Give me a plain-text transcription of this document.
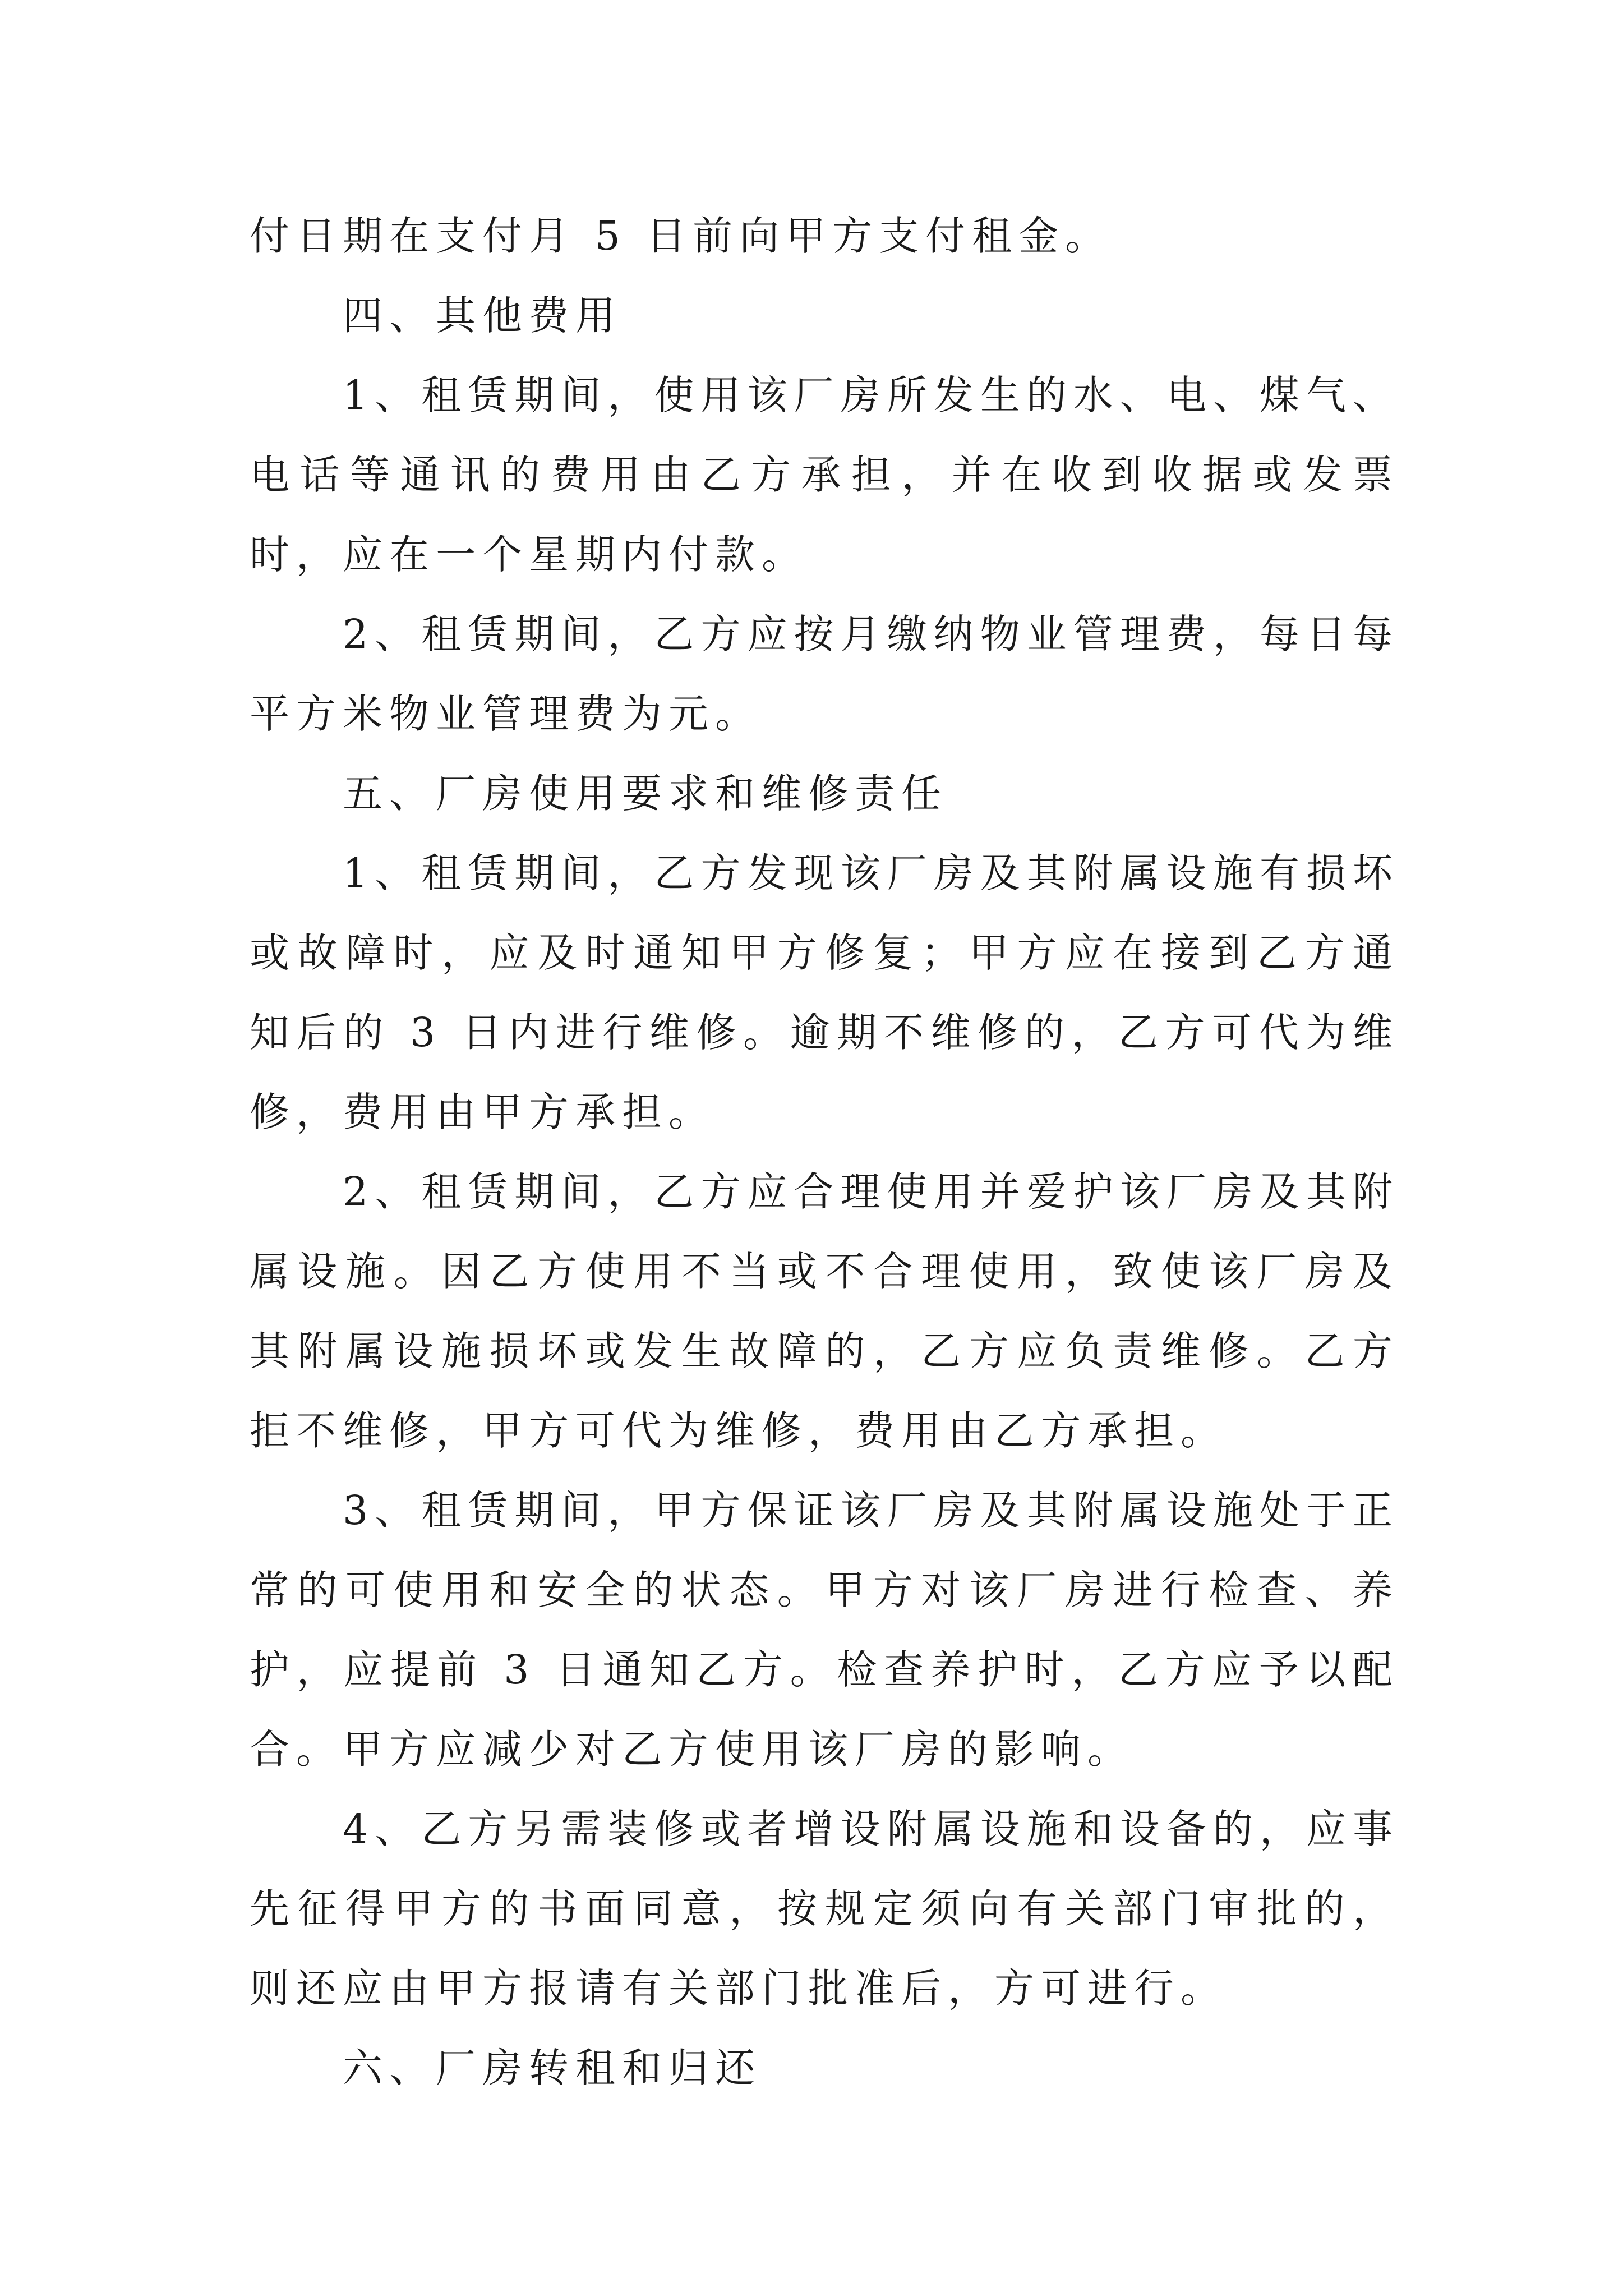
付日期在支付月 5 日前向甲方支付租金。

四、其他费用

1、租赁期间，使用该厂房所发生的水、电、煤气、电话等通讯的费用由乙方承担，并在收到收据或发票时，应在一个星期内付款。

2、租赁期间，乙方应按月缴纳物业管理费，每日每平方米物业管理费为元。

五、厂房使用要求和维修责任

1、租赁期间，乙方发现该厂房及其附属设施有损坏或故障时，应及时通知甲方修复；甲方应在接到乙方通知后的 3 日内进行维修。逾期不维修的，乙方可代为维修，费用由甲方承担。

2、租赁期间，乙方应合理使用并爱护该厂房及其附属设施。因乙方使用不当或不合理使用，致使该厂房及其附属设施损坏或发生故障的，乙方应负责维修。乙方拒不维修，甲方可代为维修，费用由乙方承担。

3、租赁期间，甲方保证该厂房及其附属设施处于正常的可使用和安全的状态。甲方对该厂房进行检查、养护，应提前 3 日通知乙方。检查养护时，乙方应予以配合。甲方应减少对乙方使用该厂房的影响。

4、乙方另需装修或者增设附属设施和设备的，应事先征得甲方的书面同意，按规定须向有关部门审批的，则还应由甲方报请有关部门批准后，方可进行。

六、厂房转租和归还
